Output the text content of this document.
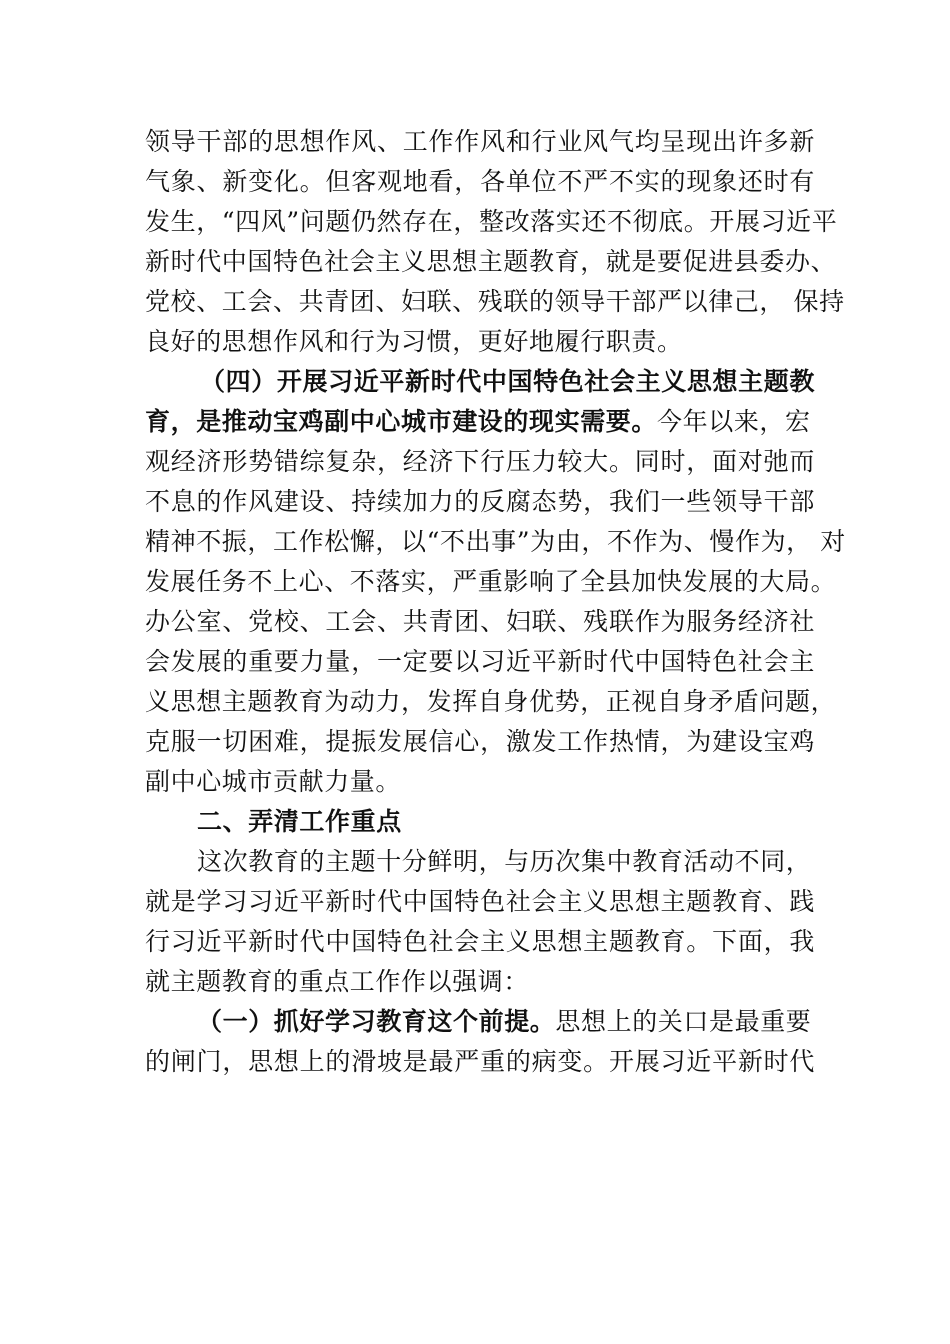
领导干部的思想作风、工作作风和行业风气均呈现出许多新
气象、新变化。但客观地看，各单位不严不实的现象还时有
发生，“四风”问题仍然存在，整改落实还不彻底。开展习近平
新时代中国特色社会主义思想主题教育，就是要促进县委办、
党校、工会、共青团、妇联、残联的领导干部严以律己， 保持
良好的思想作风和行为习惯，更好地履行职责。
（四）开展习近平新时代中国特色社会主义思想主题教
育，是推动宝鸡副中心城市建设的现实需要。今年以来，宏
观经济形势错综复杂，经济下行压力较大。同时，面对弛而
不息的作风建设、持续加力的反腐态势，我们一些领导干部
精神不振，工作松懈，以“不出事”为由，不作为、慢作为， 对
发展任务不上心、不落实，严重影响了全县加快发展的大局。
办公室、党校、工会、共青团、妇联、残联作为服务经济社
会发展的重要力量，一定要以习近平新时代中国特色社会主
义思想主题教育为动力，发挥自身优势，正视自身矛盾问题，
克服一切困难，提振发展信心，激发工作热情，为建设宝鸡
副中心城市贡献力量。
二、弄清工作重点
这次教育的主题十分鲜明，与历次集中教育活动不同，
就是学习习近平新时代中国特色社会主义思想主题教育、践
行习近平新时代中国特色社会主义思想主题教育。下面，我
就主题教育的重点工作作以强调：
（一）抓好学习教育这个前提。思想上的关口是最重要
的闸门，思想上的滑坡是最严重的病变。开展习近平新时代
